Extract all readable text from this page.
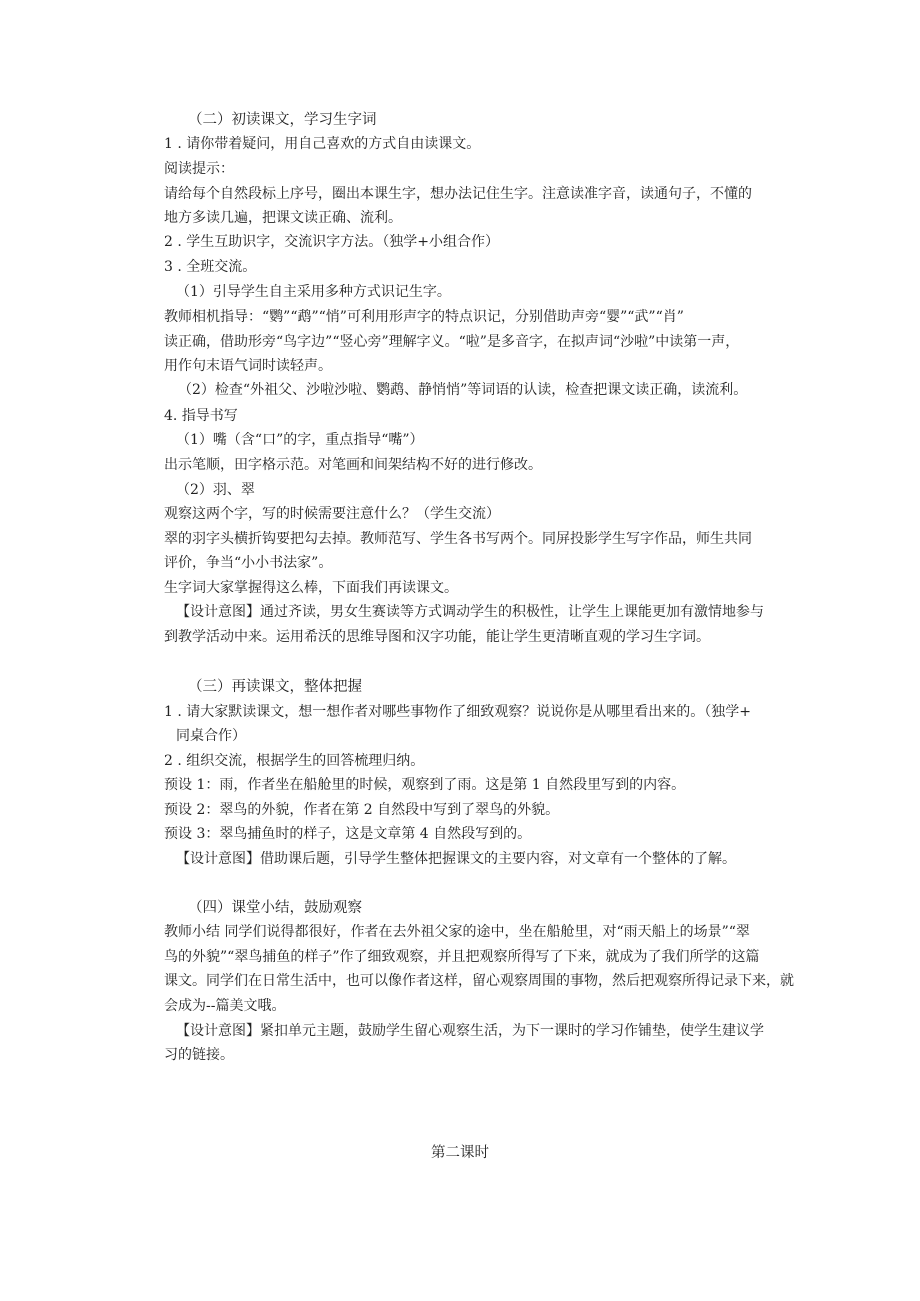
（二）初读课文，学习生字词
1 . 请你带着疑问，用自己喜欢的方式自由读课文。
阅读提示：
请给每个自然段标上序号，圈出本课生字，想办法记住生字。注意读准字音，读通句子，不懂的
地方多读几遍，把课文读正确、流利。
2 . 学生互助识字，交流识字方法。（独学+小组合作）
3 . 全班交流。
（1）引导学生自主采用多种方式识记生字。
教师相机指导：“鹦”“鹉”“悄”可利用形声字的特点识记，分别借助声旁“婴”“武”“肖”
读正确，借助形旁“鸟字边”“竖心旁”理解字义。“啦”是多音字，在拟声词“沙啦”中读第一声，
用作句末语气词时读轻声。
（2）检查“外祖父、沙啦沙啦、鹦鹉、静悄悄”等词语的认读，检查把课文读正确，读流利。
4. 指导书写
（1）嘴（含“口”的字，重点指导“嘴”）
出示笔顺，田字格示范。对笔画和间架结构不好的进行修改。
（2）羽、翠
观察这两个字，写的时候需要注意什么？（学生交流）
翠的羽字头横折钩要把勾去掉。教师范写、学生各书写两个。同屏投影学生写字作品，师生共同
评价，争当“小小书法家”。
生字词大家掌握得这么棒，下面我们再读课文。
【设计意图】通过齐读，男女生赛读等方式调动学生的积极性，让学生上课能更加有激情地参与
到教学活动中来。运用希沃的思维导图和汉字功能，能让学生更清晰直观的学习生字词。
（三）再读课文，整体把握
1 . 请大家默读课文，想一想作者对哪些事物作了细致观察？说说你是从哪里看出来的。（独学+
同桌合作）
2 . 组织交流，根据学生的回答梳理归纳。
预设 1：雨，作者坐在船舱里的时候，观察到了雨。这是第 1 自然段里写到的内容。
预设 2：翠鸟的外貌，作者在第 2 自然段中写到了翠鸟的外貌。
预设 3：翠鸟捕鱼时的样子，这是文章第 4 自然段写到的。
【设计意图】借助课后题，引导学生整体把握课文的主要内容，对文章有一个整体的了解。
（四）课堂小结，鼓励观察
教师小结 同学们说得都很好，作者在去外祖父家的途中，坐在船舱里，对“雨天船上的场景”“翠
鸟的外貌”“翠鸟捕鱼的样子”作了细致观察，并且把观察所得写了下来，就成为了我们所学的这篇
课文。同学们在日常生活中，也可以像作者这样，留心观察周围的事物，然后把观察所得记录下来，就
会成为--篇美文哦。
【设计意图】紧扣单元主题，鼓励学生留心观察生活，为下一课时的学习作铺垫，使学生建议学
习的链接。
第二课时
